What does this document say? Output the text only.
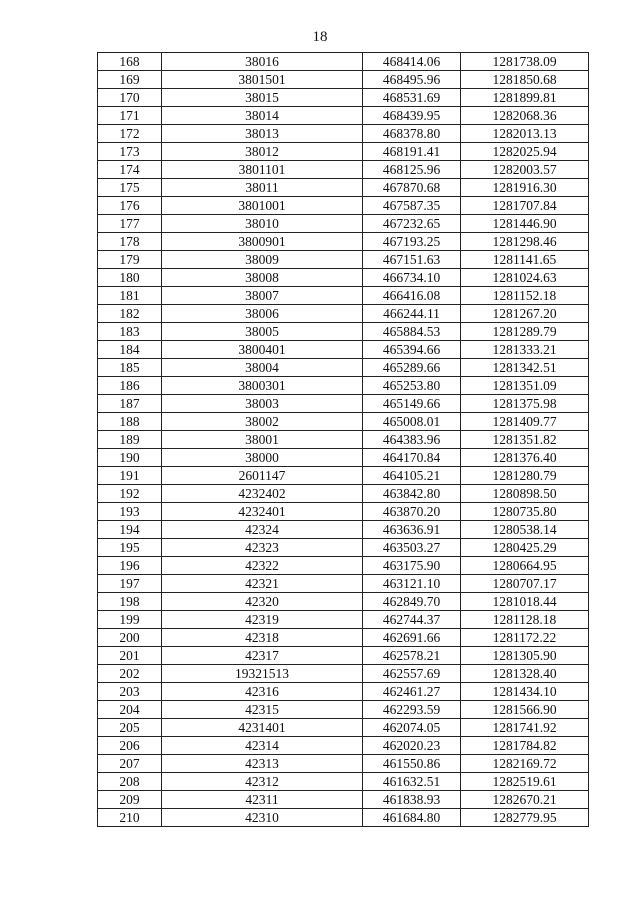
18
168	38016	468414.06	1281738.09
169	3801501	468495.96	1281850.68
170	38015	468531.69	1281899.81
171	38014	468439.95	1282068.36
172	38013	468378.80	1282013.13
173	38012	468191.41	1282025.94
174	3801101	468125.96	1282003.57
175	38011	467870.68	1281916.30
176	3801001	467587.35	1281707.84
177	38010	467232.65	1281446.90
178	3800901	467193.25	1281298.46
179	38009	467151.63	1281141.65
180	38008	466734.10	1281024.63
181	38007	466416.08	1281152.18
182	38006	466244.11	1281267.20
183	38005	465884.53	1281289.79
184	3800401	465394.66	1281333.21
185	38004	465289.66	1281342.51
186	3800301	465253.80	1281351.09
187	38003	465149.66	1281375.98
188	38002	465008.01	1281409.77
189	38001	464383.96	1281351.82
190	38000	464170.84	1281376.40
191	2601147	464105.21	1281280.79
192	4232402	463842.80	1280898.50
193	4232401	463870.20	1280735.80
194	42324	463636.91	1280538.14
195	42323	463503.27	1280425.29
196	42322	463175.90	1280664.95
197	42321	463121.10	1280707.17
198	42320	462849.70	1281018.44
199	42319	462744.37	1281128.18
200	42318	462691.66	1281172.22
201	42317	462578.21	1281305.90
202	19321513	462557.69	1281328.40
203	42316	462461.27	1281434.10
204	42315	462293.59	1281566.90
205	4231401	462074.05	1281741.92
206	42314	462020.23	1281784.82
207	42313	461550.86	1282169.72
208	42312	461632.51	1282519.61
209	42311	461838.93	1282670.21
210	42310	461684.80	1282779.95
